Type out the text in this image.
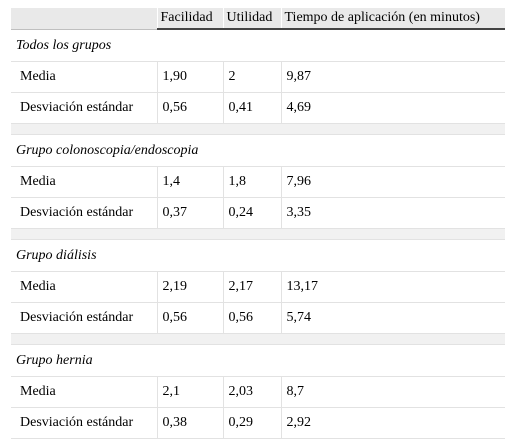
	Facilidad	Utilidad	Tiempo de aplicación (en minutos)
Todos los grupos			
Media	1,90	2	9,87
Desviación estándar	0,56	0,41	4,69

Grupo colonoscopia/endoscopia			
Media	1,4	1,8	7,96
Desviación estándar	0,37	0,24	3,35

Grupo diálisis			
Media	2,19	2,17	13,17
Desviación estándar	0,56	0,56	5,74

Grupo hernia			
Media	2,1	2,03	8,7
Desviación estándar	0,38	0,29	2,92
